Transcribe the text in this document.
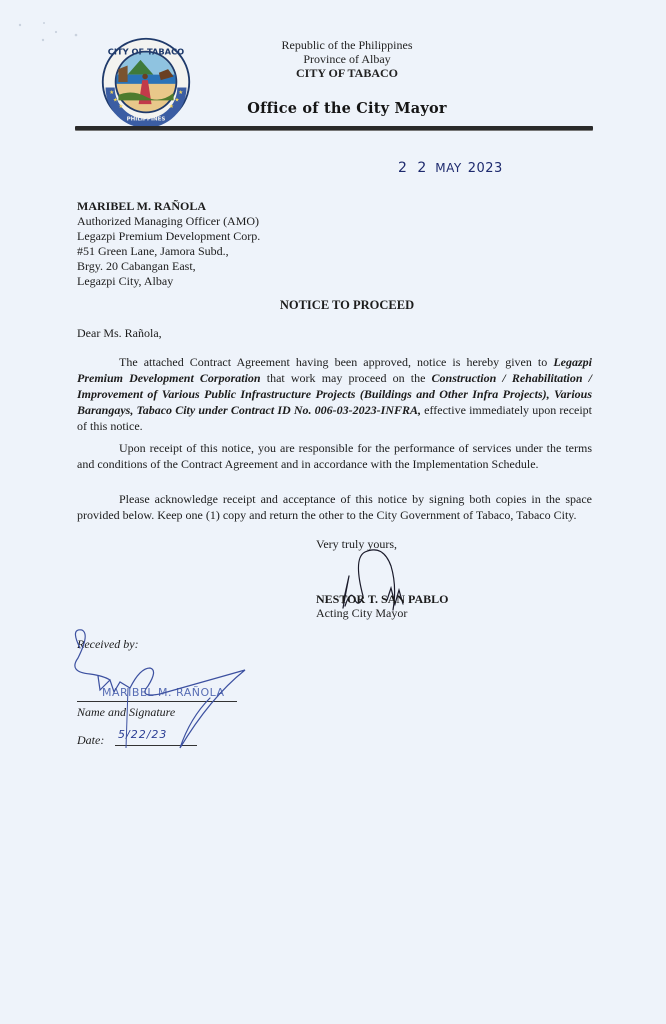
CITY OF TABACO
PHILIPPINES
★
★
★
★
★
★
Republic of the Philippines
Province of Albay
CITY OF TABACO
Office of the City Mayor
2 2 MAY 2023
MARIBEL M. RAÑOLA
Authorized Managing Officer (AMO)
Legazpi Premium Development Corp.
#51 Green Lane, Jamora Subd.,
Brgy. 20 Cabangan East,
Legazpi City, Albay
NOTICE TO PROCEED
Dear Ms. Rañola,

The attached Contract Agreement having been approved, notice is hereby given to Legazpi Premium Development Corporation that work may proceed on the Construction / Rehabilitation / Improvement of Various Public Infrastructure Projects (Buildings and Other Infra Projects), Various Barangays, Tabaco City under Contract ID No. 006-03-2023-INFRA, effective immediately upon receipt of this notice.

Upon receipt of this notice, you are responsible for the performance of services under the terms and conditions of the Contract Agreement and in accordance with the Implementation Schedule.

Please acknowledge receipt and acceptance of this notice by signing both copies in the space provided below. Keep one (1) copy and return the other to the City Government of Tabaco, Tabaco City.

Very truly yours,
NESTOR T. SAN PABLO
Acting City Mayor
Received by:
MARIBEL M. RAÑOLA
Name and Signature
Date: 5/22/23
